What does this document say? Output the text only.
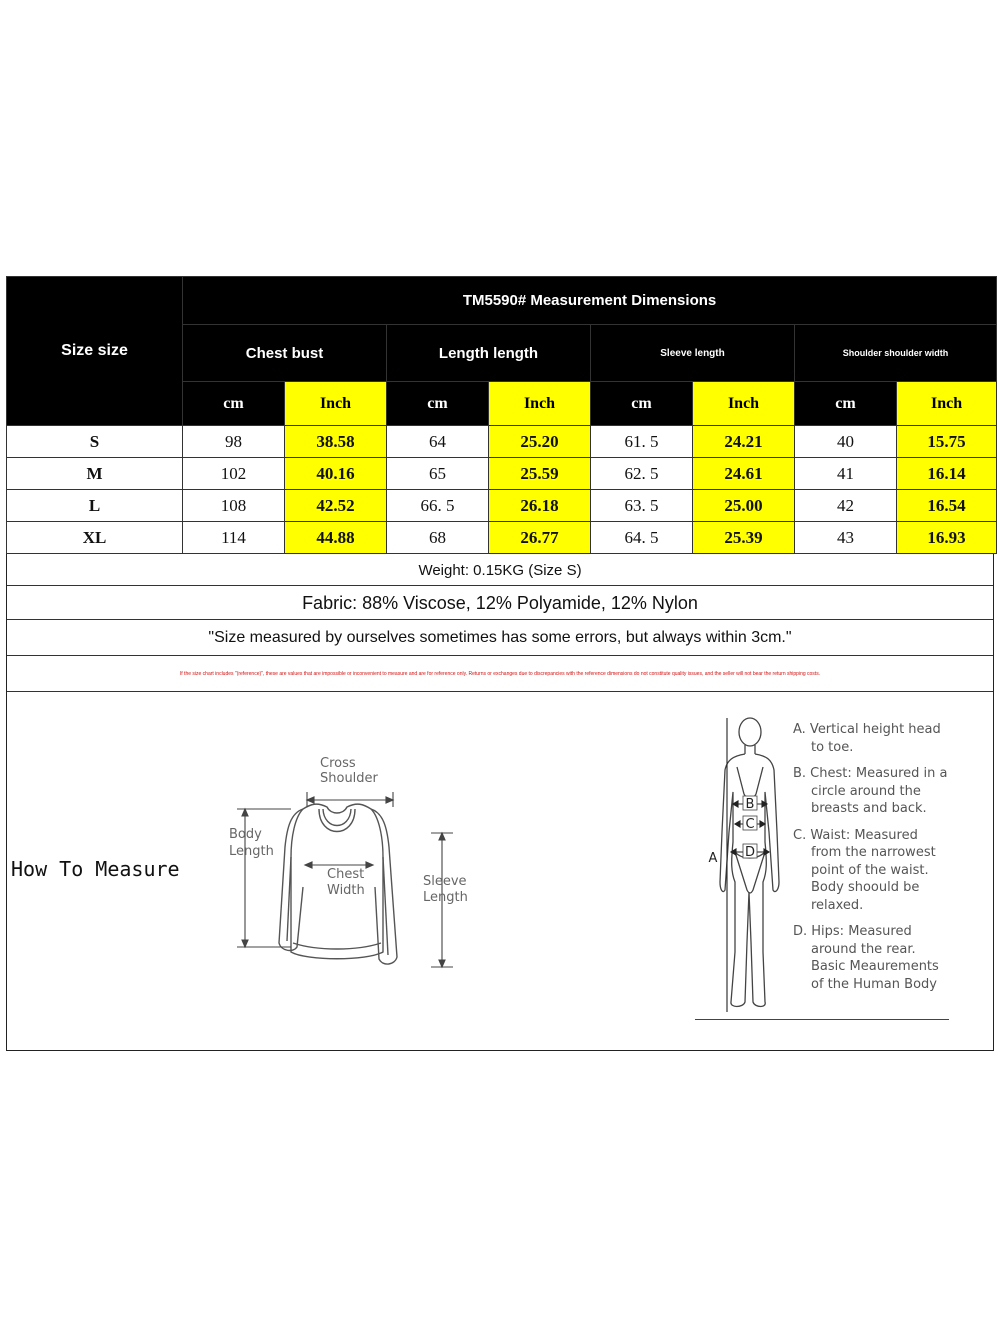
Size size	TM5590# Measurement Dimensions							
	Chest bust		Length length		Sleeve length		Shoulder shoulder width	
	cm	Inch	cm	Inch	cm	Inch	cm	Inch
S	98	38.58	64	25.20	61. 5	24.21	40	15.75
M	102	40.16	65	25.59	62. 5	24.61	41	16.14
L	108	42.52	66. 5	26.18	63. 5	25.00	42	16.54
XL	114	44.88	68	26.77	64. 5	25.39	43	16.93
Weight: 0.15KG (Size S)
Fabric: 88% Viscose, 12% Polyamide, 12% Nylon
"Size measured by ourselves sometimes has some errors, but always within 3cm."
If the size chart includes "(reference)", these are values that are impossible or inconvenient to measure and are for reference only. Returns or exchanges due to discrepancies with the reference dimensions do not constitute quality issues, and the seller will not bear the return shipping costs.
How To Measure
Cross
Shoulder
Body
Length
Chest
Width
Sleeve
Length
B
C
D
A

A. Vertical height head
to toe.

B. Chest: Measured in a
circle around the
breasts and back.

C. Waist: Measured
from the narrowest
point of the waist.
Body shoould be
relaxed.

D. Hips: Measured
around the rear.
Basic Meaurements
of the Human Body
